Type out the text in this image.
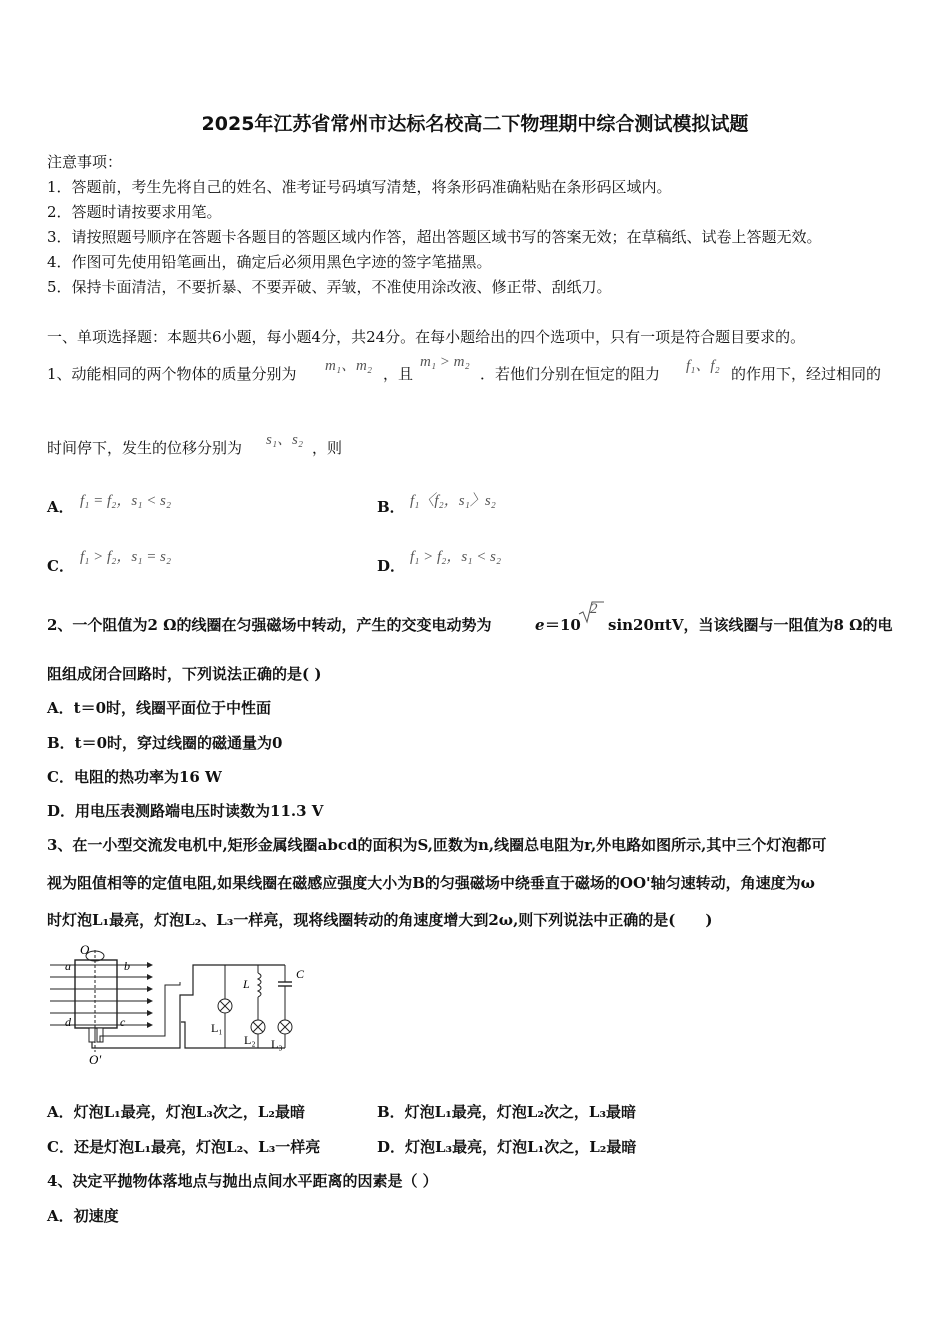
2025年江苏省常州市达标名校高二下物理期中综合测试模拟试题
注意事项：
1．答题前，考生先将自己的姓名、准考证号码填写清楚，将条形码准确粘贴在条形码区域内。
2．答题时请按要求用笔。
3．请按照题号顺序在答题卡各题目的答题区域内作答，超出答题区域书写的答案无效；在草稿纸、试卷上答题无效。
4．作图可先使用铅笔画出，确定后必须用黑色字迹的签字笔描黑。
5．保持卡面清洁，不要折暴、不要弄破、弄皱，不准使用涂改液、修正带、刮纸刀。
一、单项选择题：本题共6小题，每小题4分，共24分。在每小题给出的四个选项中，只有一项是符合题目要求的。
1、动能相同的两个物体的质量分别为 m₁、m₂ ，且
m₁ > m₂
．若他们分别在恒定的阻力 f₁、f₂ 的作用下，经过相同的
时间停下，发生的位移分别为 s₁、s₂ ，则
A． f₁ = f₂，s₁ < s₂	B． f₁〈f₂，s₁〉s₂
C． f₁ > f₂，s₁ = s₂	D． f₁ > f₂，s₁ < s₂
2、一个阻值为2 Ω的线圈在匀强磁场中转动，产生的交变电动势为	e ＝10
2
sin20πtV，当该线圈与一阻值为8 Ω的电
阻组成闭合回路时，下列说法正确的是( )
A．t＝0时，线圈平面位于中性面
B．t＝0时，穿过线圈的磁通量为0
C．电阻的热功率为16 W
D．用电压表测路端电压时读数为11.3 V
3、在一小型交流发电机中,矩形金属线圈abcd的面积为S,匝数为n,线圈总电阻为r,外电路如图所示,其中三个灯泡都可
视为阻值相等的定值电阻,如果线圈在磁感应强度大小为B的匀强磁场中绕垂直于磁场的OO'轴匀速转动，角速度为ω
时灯泡L₁最亮，灯泡L₂、L₃一样亮，现将线圈转动的角速度增大到2ω,则下列说法中正确的是(　　)
O
a	b
d	c
O'
L₁
L
L₂
C
L₃
A．灯泡L₁最亮，灯泡L₃次之，L₂最暗	B．灯泡L₁最亮，灯泡L₂次之，L₃最暗
C．还是灯泡L₁最亮，灯泡L₂、L₃一样亮	D．灯泡L₃最亮，灯泡L₁次之，L₂最暗
4、决定平抛物体落地点与抛出点间水平距离的因素是（ ）
A．初速度
